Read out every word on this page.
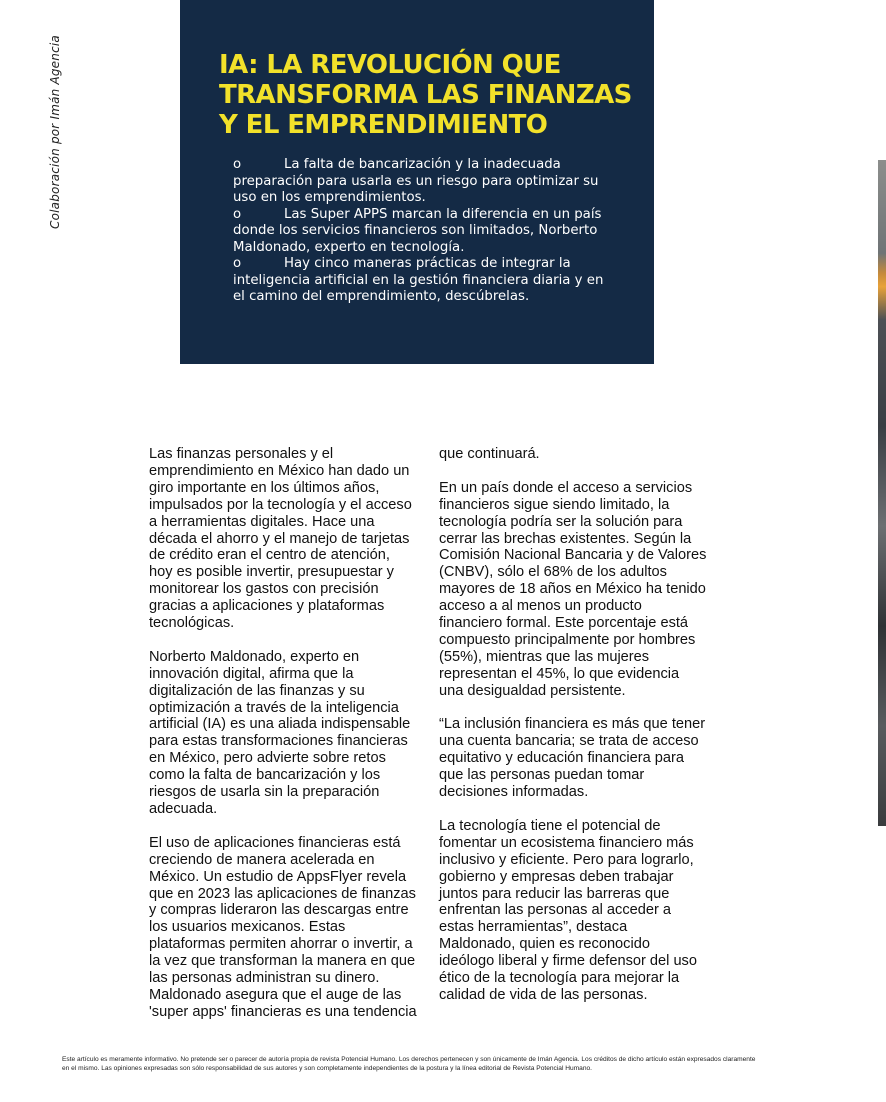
Colaboración por Imán Agencia	IA: LA REVOLUCIÓN QUE
TRANSFORMA LAS FINANZAS
Y EL EMPRENDIMIENTO
o	La falta de bancarización y la inadecuada preparación para usarla es un riesgo para optimizar su uso en los emprendimientos.
o	Las Super APPS marcan la diferencia en un país donde los servicios financieros son limitados, Norberto Maldonado, experto en tecnología.
o	Hay cinco maneras prácticas de integrar la inteligencia artificial en la gestión financiera diaria y en el camino del emprendimiento, descúbrelas.

Las finanzas personales y el emprendimiento en México han dado un giro importante en los últimos años, impulsados por la tecnología y el acceso a herramientas digitales. Hace una década el ahorro y el manejo de tarjetas de crédito eran el centro de atención, hoy es posible invertir, presupuestar y monitorear los gastos con precisión gracias a aplicaciones y plataformas tecnológicas.

Norberto Maldonado, experto en innovación digital, afirma que la digitalización de las finanzas y su optimización a través de la inteligencia artificial (IA) es una aliada indispensable para estas transformaciones financieras en México, pero advierte sobre retos como la falta de bancarización y los riesgos de usarla sin la preparación adecuada.

El uso de aplicaciones financieras está creciendo de manera acelerada en México. Un estudio de AppsFlyer revela que en 2023 las aplicaciones de finanzas y compras lideraron las descargas entre los usuarios mexicanos. Estas plataformas permiten ahorrar o invertir, a la vez que transforman la manera en que las personas administran su dinero. Maldonado asegura que el auge de las 'super apps' financieras es una tendencia

que continuará.

En un país donde el acceso a servicios financieros sigue siendo limitado, la tecnología podría ser la solución para cerrar las brechas existentes. Según la Comisión Nacional Bancaria y de Valores (CNBV), sólo el 68% de los adultos mayores de 18 años en México ha tenido acceso a al menos un producto financiero formal. Este porcentaje está compuesto principalmente por hombres (55%), mientras que las mujeres representan el 45%, lo que evidencia una desigualdad persistente.

“La inclusión financiera es más que tener una cuenta bancaria; se trata de acceso equitativo y educación financiera para que las personas puedan tomar decisiones informadas.

La tecnología tiene el potencial de fomentar un ecosistema financiero más inclusivo y eficiente. Pero para lograrlo, gobierno y empresas deben trabajar juntos para reducir las barreras que enfrentan las personas al acceder a estas herramientas”, destaca Maldonado, quien es reconocido ideólogo liberal y firme defensor del uso ético de la tecnología para mejorar la calidad de vida de las personas.

Este artículo es meramente informativo. No pretende ser o parecer de autoría propia de revista Potencial Humano. Los derechos pertenecen y son únicamente de Imán Agencia. Los créditos de dicho artículo están expresados claramente en el mismo. Las opiniones expresadas son sólo responsabilidad de sus autores y son completamente independientes de la postura y la línea editorial de Revista Potencial Humano.
